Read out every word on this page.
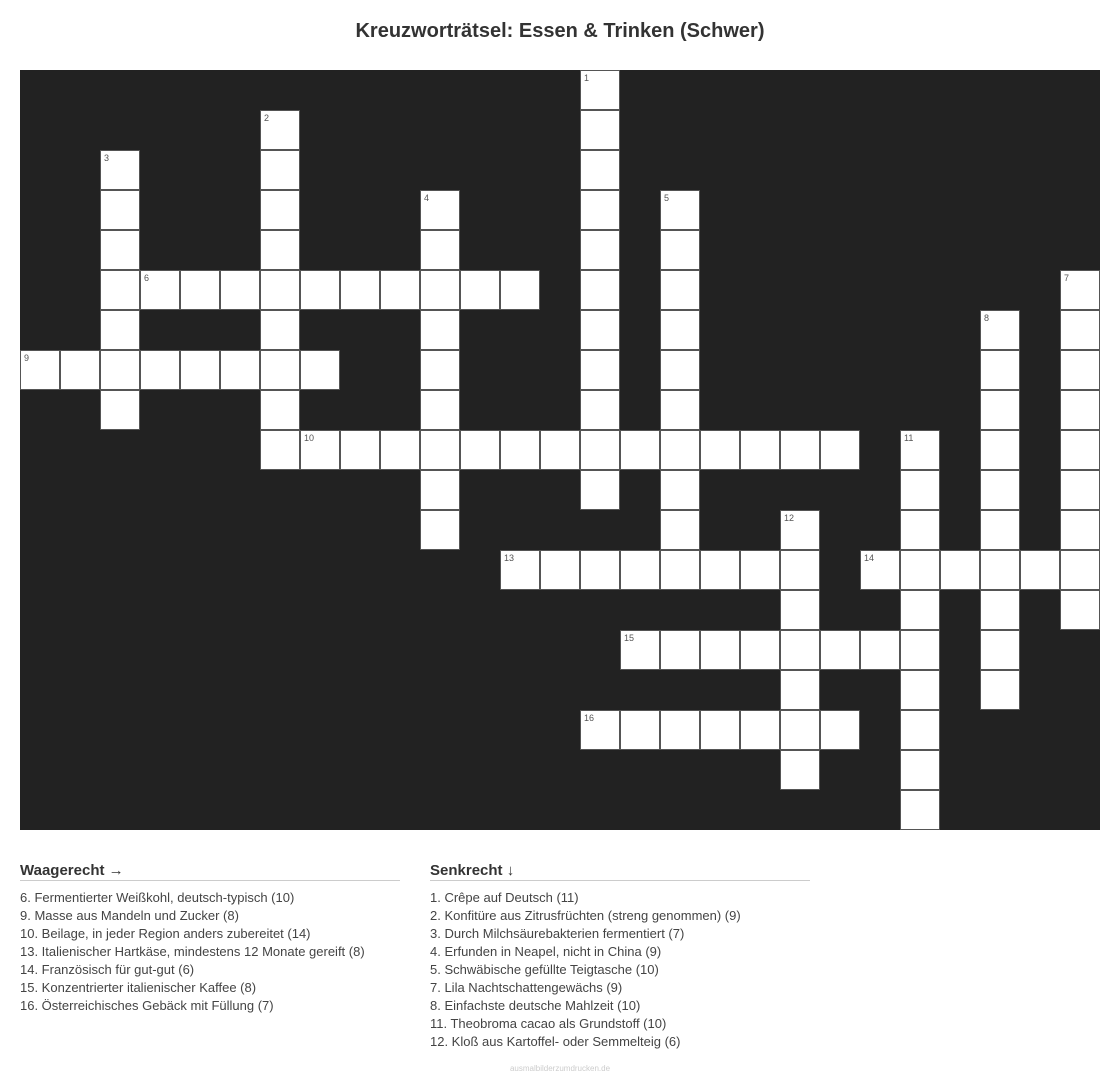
Kreuzworträtsel: Essen & Trinken (Schwer)
1
2
3
4	5
6	7
8
9
10	11
12
13	14
15
16
Waagerecht →
6. Fermentierter Weißkohl, deutsch-typisch (10)
9. Masse aus Mandeln und Zucker (8)
10. Beilage, in jeder Region anders zubereitet (14)
13. Italienischer Hartkäse, mindestens 12 Monate gereift (8)
14. Französisch für gut-gut (6)
15. Konzentrierter italienischer Kaffee (8)
16. Österreichisches Gebäck mit Füllung (7)
Senkrecht ↓
1. Crêpe auf Deutsch (11)
2. Konfitüre aus Zitrusfrüchten (streng genommen) (9)
3. Durch Milchsäurebakterien fermentiert (7)
4. Erfunden in Neapel, nicht in China (9)
5. Schwäbische gefüllte Teigtasche (10)
7. Lila Nachtschattengewächs (9)
8. Einfachste deutsche Mahlzeit (10)
11. Theobroma cacao als Grundstoff (10)
12. Kloß aus Kartoffel- oder Semmelteig (6)
ausmalbilderzumdrucken.de
